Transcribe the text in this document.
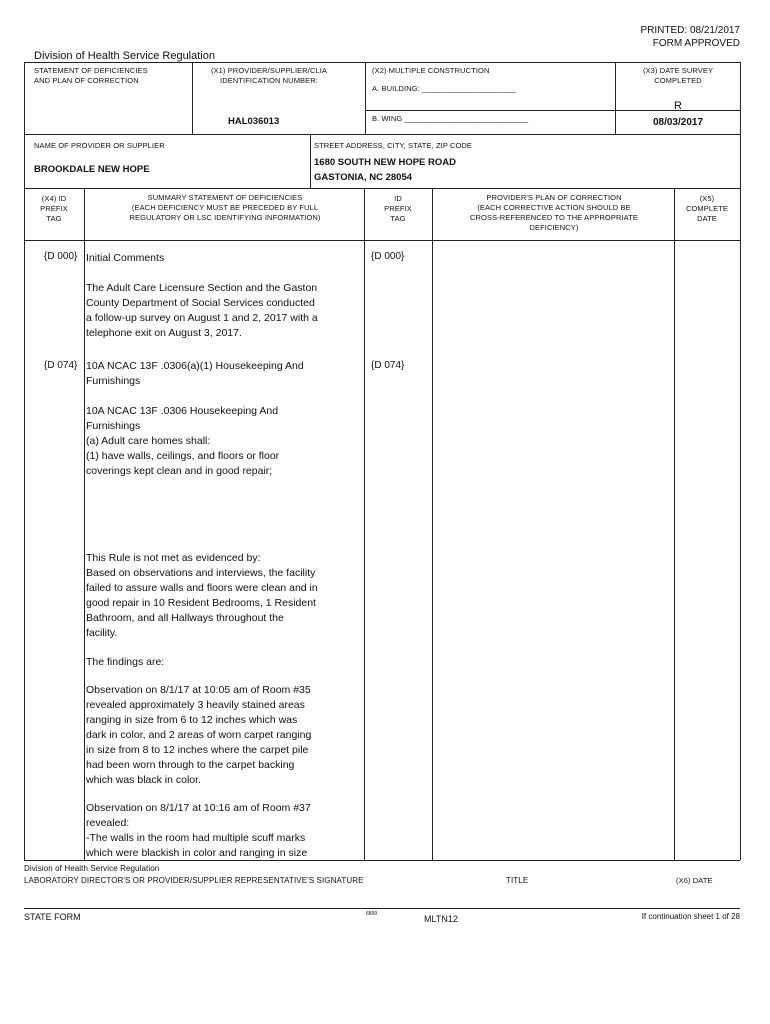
PRINTED: 08/21/2017
FORM APPROVED
Division of Health Service Regulation
STATEMENT OF DEFICIENCIES
AND PLAN OF CORRECTION
(X1) PROVIDER/SUPPLIER/CLIA
IDENTIFICATION NUMBER:
HAL036013
(X2) MULTIPLE CONSTRUCTION
A. BUILDING: ______________________
B. WING _____________________________
(X3) DATE SURVEY
COMPLETED
R
08/03/2017
NAME OF PROVIDER OR SUPPLIER
BROOKDALE NEW HOPE
STREET ADDRESS, CITY, STATE, ZIP CODE
1680 SOUTH NEW HOPE ROAD
GASTONIA, NC 28054
(X4) ID
PREFIX
TAG
SUMMARY STATEMENT OF DEFICIENCIES
(EACH DEFICIENCY MUST BE PRECEDED BY FULL
REGULATORY OR LSC IDENTIFYING INFORMATION)
ID
PREFIX
TAG
PROVIDER'S PLAN OF CORRECTION
(EACH CORRECTIVE ACTION SHOULD BE
CROSS-REFERENCED TO THE APPROPRIATE
DEFICIENCY)
(X5)
COMPLETE
DATE
{D 000}	{D 000}
Initial Comments
The Adult Care Licensure Section and the Gaston
County Department of Social Services conducted
a follow-up survey on August 1 and 2, 2017 with a
telephone exit on August 3, 2017.
{D 074}	{D 074}
10A NCAC 13F .0306(a)(1) Housekeeping And
Furnishings
10A NCAC 13F .0306 Housekeeping And
Furnishings
(a) Adult care homes shall:
(1) have walls, ceilings, and floors or floor
coverings kept clean and in good repair;
This Rule is not met as evidenced by:
Based on observations and interviews, the facility
failed to assure walls and floors were clean and in
good repair in 10 Resident Bedrooms, 1 Resident
Bathroom, and all Hallways throughout the
facility.
The findings are:
Observation on 8/1/17 at 10:05 am of Room #35
revealed approximately 3 heavily stained areas
ranging in size from 6 to 12 inches which was
dark in color, and 2 areas of worn carpet ranging
in size from 8 to 12 inches where the carpet pile
had been worn through to the carpet backing
which was black in color.
Observation on 8/1/17 at 10:16 am of Room #37
revealed:
-The walls in the room had multiple scuff marks
which were blackish in color and ranging in size
Division of Health Service Regulation
LABORATORY DIRECTOR'S OR PROVIDER/SUPPLIER REPRESENTATIVE'S SIGNATURE	TITLE	(X6) DATE
STATE FORM	6899	MLTN12	If continuation sheet 1 of 28
